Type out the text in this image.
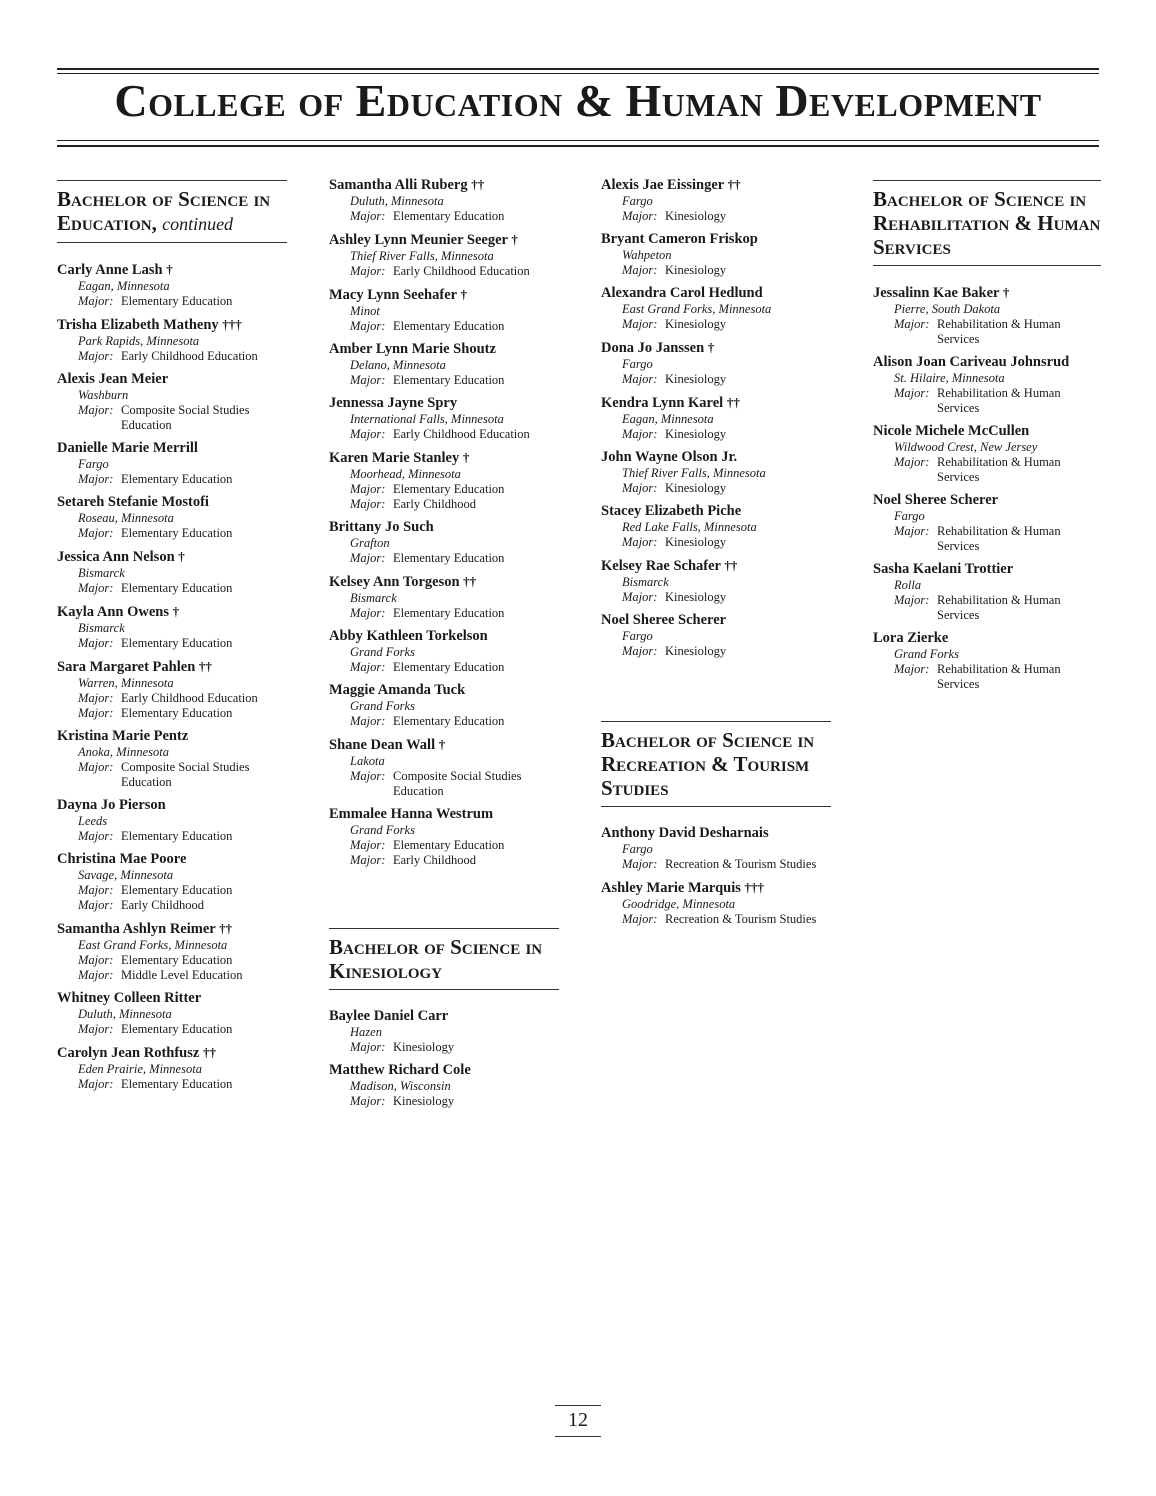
College of Education & Human Development
Bachelor of Science in Education, continued
Carly Anne Lash †
Eagan, Minnesota
Major: Elementary Education
Trisha Elizabeth Matheny †††
Park Rapids, Minnesota
Major: Early Childhood Education
Alexis Jean Meier
Washburn
Major: Composite Social Studies Education
Danielle Marie Merrill
Fargo
Major: Elementary Education
Setareh Stefanie Mostofi
Roseau, Minnesota
Major: Elementary Education
Jessica Ann Nelson †
Bismarck
Major: Elementary Education
Kayla Ann Owens †
Bismarck
Major: Elementary Education
Sara Margaret Pahlen ††
Warren, Minnesota
Major: Early Childhood Education
Major: Elementary Education
Kristina Marie Pentz
Anoka, Minnesota
Major: Composite Social Studies Education
Dayna Jo Pierson
Leeds
Major: Elementary Education
Christina Mae Poore
Savage, Minnesota
Major: Elementary Education
Major: Early Childhood
Samantha Ashlyn Reimer ††
East Grand Forks, Minnesota
Major: Elementary Education
Major: Middle Level Education
Whitney Colleen Ritter
Duluth, Minnesota
Major: Elementary Education
Carolyn Jean Rothfusz ††
Eden Prairie, Minnesota
Major: Elementary Education
Samantha Alli Ruberg ††
Duluth, Minnesota
Major: Elementary Education
Ashley Lynn Meunier Seeger †
Thief River Falls, Minnesota
Major: Early Childhood Education
Macy Lynn Seehafer †
Minot
Major: Elementary Education
Amber Lynn Marie Shoutz
Delano, Minnesota
Major: Elementary Education
Jennessa Jayne Spry
International Falls, Minnesota
Major: Early Childhood Education
Karen Marie Stanley †
Moorhead, Minnesota
Major: Elementary Education
Major: Early Childhood
Brittany Jo Such
Grafton
Major: Elementary Education
Kelsey Ann Torgeson ††
Bismarck
Major: Elementary Education
Abby Kathleen Torkelson
Grand Forks
Major: Elementary Education
Maggie Amanda Tuck
Grand Forks
Major: Elementary Education
Shane Dean Wall †
Lakota
Major: Composite Social Studies Education
Emmalee Hanna Westrum
Grand Forks
Major: Elementary Education
Major: Early Childhood
Bachelor of Science in Kinesiology
Baylee Daniel Carr
Hazen
Major: Kinesiology
Matthew Richard Cole
Madison, Wisconsin
Major: Kinesiology
Alexis Jae Eissinger ††
Fargo
Major: Kinesiology
Bryant Cameron Friskop
Wahpeton
Major: Kinesiology
Alexandra Carol Hedlund
East Grand Forks, Minnesota
Major: Kinesiology
Dona Jo Janssen †
Fargo
Major: Kinesiology
Kendra Lynn Karel ††
Eagan, Minnesota
Major: Kinesiology
John Wayne Olson Jr.
Thief River Falls, Minnesota
Major: Kinesiology
Stacey Elizabeth Piche
Red Lake Falls, Minnesota
Major: Kinesiology
Kelsey Rae Schafer ††
Bismarck
Major: Kinesiology
Noel Sheree Scherer
Fargo
Major: Kinesiology
Bachelor of Science in Recreation & Tourism Studies
Anthony David Desharnais
Fargo
Major: Recreation & Tourism Studies
Ashley Marie Marquis †††
Goodridge, Minnesota
Major: Recreation & Tourism Studies
Bachelor of Science in Rehabilitation & Human Services
Jessalinn Kae Baker †
Pierre, South Dakota
Major: Rehabilitation & Human Services
Alison Joan Cariveau Johnsrud
St. Hilaire, Minnesota
Major: Rehabilitation & Human Services
Nicole Michele McCullen
Wildwood Crest, New Jersey
Major: Rehabilitation & Human Services
Noel Sheree Scherer
Fargo
Major: Rehabilitation & Human Services
Sasha Kaelani Trottier
Rolla
Major: Rehabilitation & Human Services
Lora Zierke
Grand Forks
Major: Rehabilitation & Human Services
12
